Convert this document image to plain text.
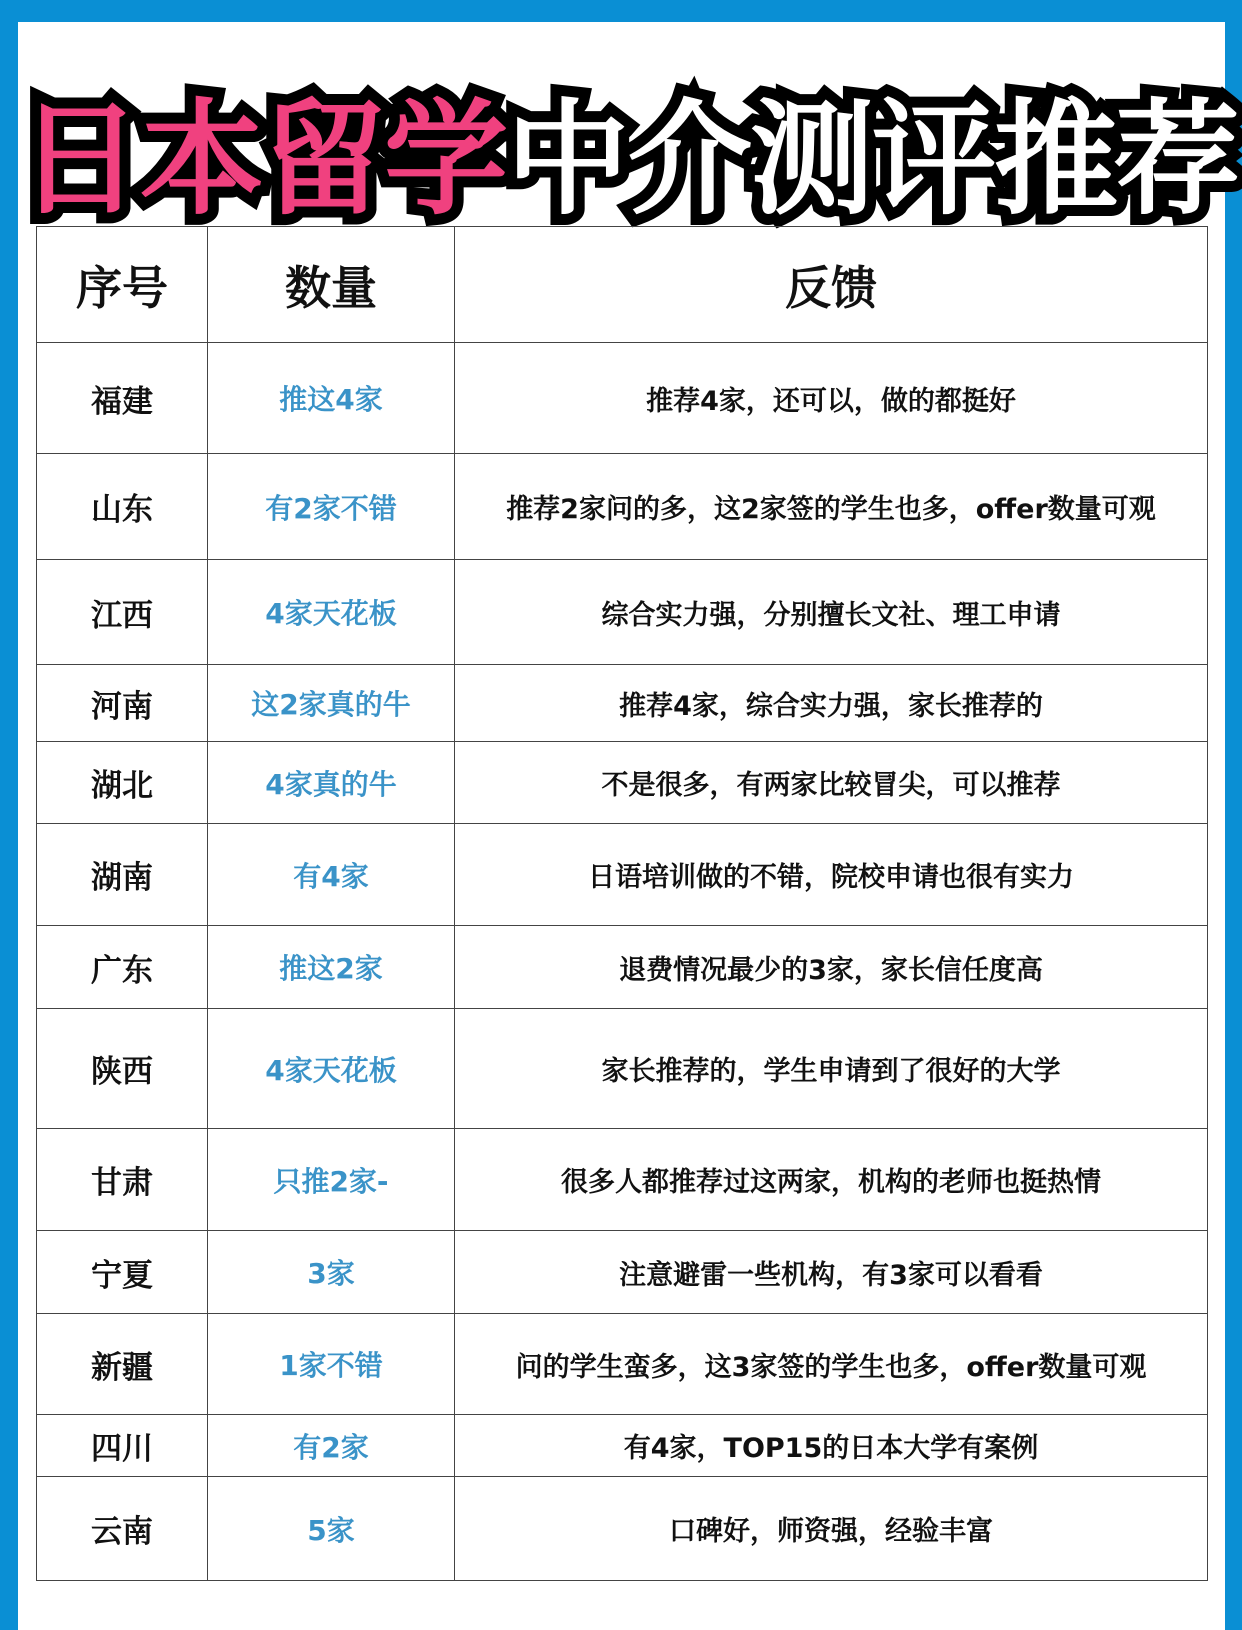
日本留学中介测评推荐
序号	数量	反馈
福建	推这4家	推荐4家，还可以，做的都挺好
山东	有2家不错	推荐2家问的多，这2家签的学生也多，offer数量可观
江西	4家天花板	综合实力强，分别擅长文社、理工申请
河南	这2家真的牛	推荐4家，综合实力强，家长推荐的
湖北	4家真的牛	不是很多，有两家比较冒尖，可以推荐
湖南	有4家	日语培训做的不错，院校申请也很有实力
广东	推这2家	退费情况最少的3家，家长信任度高
陕西	4家天花板	家长推荐的，学生申请到了很好的大学
甘肃	只推2家-	很多人都推荐过这两家，机构的老师也挺热情
宁夏	3家	注意避雷一些机构，有3家可以看看
新疆	1家不错	问的学生蛮多，这3家签的学生也多，offer数量可观
四川	有2家	有4家，TOP15的日本大学有案例
云南	5家	口碑好，师资强，经验丰富
